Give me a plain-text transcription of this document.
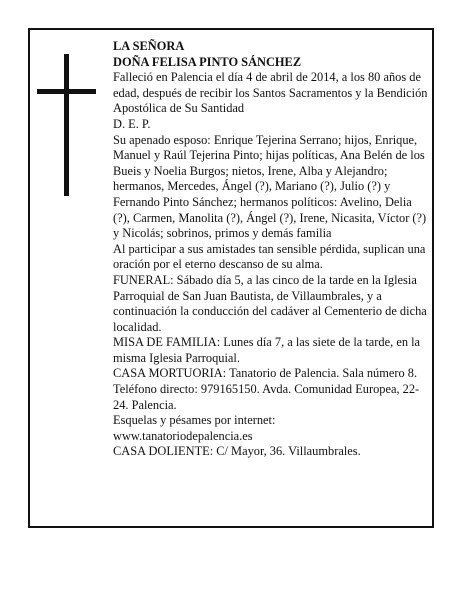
LA SEÑORA

DOÑA FELISA PINTO SÁNCHEZ

Falleció en Palencia el día 4 de abril de 2014, a los 80 años de edad, después de recibir los Santos Sacramentos y la Bendición Apostólica de Su Santidad

D. E. P.

Su apenado esposo: Enrique Tejerina Serrano; hijos, Enrique, Manuel y Raúl Tejerina Pinto; hijas políticas, Ana Belén de los Bueis y Noelia Burgos; nietos, Irene, Alba y Alejandro; hermanos, Mercedes, Ángel (?), Mariano (?), Julio (?) y Fernando Pinto Sánchez; hermanos políticos: Avelino, Delia (?), Carmen, Manolita (?), Ángel (?), Irene, Nicasita, Víctor (?) y Nicolás; sobrinos, primos y demás familia

Al participar a sus amistades tan sensible pérdida, suplican una oración por el eterno descanso de su alma.

FUNERAL: Sábado día 5, a las cinco de la tarde en la Iglesia Parroquial de San Juan Bautista, de Villaumbrales, y a continuación la conducción del cadáver al Cementerio de dicha localidad.

MISA DE FAMILIA: Lunes día 7, a las siete de la tarde, en la misma Iglesia Parroquial.

CASA MORTUORIA: Tanatorio de Palencia. Sala número 8. Teléfono directo: 979165150. Avda. Comunidad Europea, 22-24. Palencia.

Esquelas y pésames por internet:

www.tanatoriodepalencia.es

CASA DOLIENTE: C/ Mayor, 36. Villaumbrales.
